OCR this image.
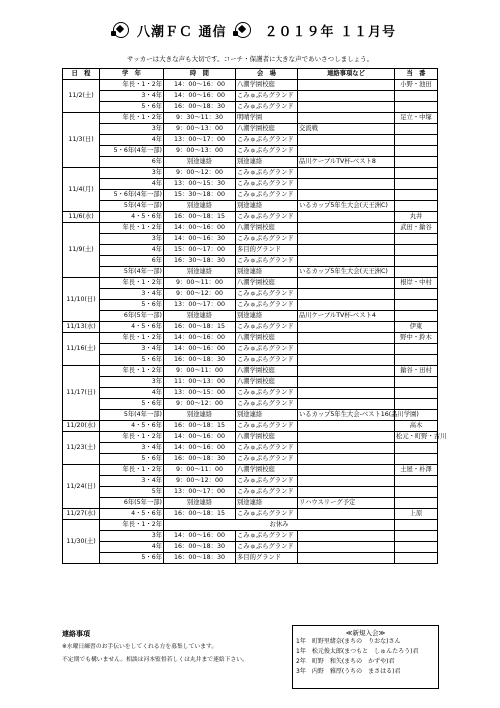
八潮ＦＣ 通信	２０１９年 １１月号
サッカーは大きな声も大切です。コーチ・保護者に大きな声であいさつしましょう。
日　程	学　年	時　間	会　場	連絡事項など	当　番
11/2(土)	年長・1・2年	14：00～16：00	八潮学園校庭		小野・池田
	3・4年	14：00～16：00	こみゅぷらグランド		
	5・6年	16：00～18：30	こみゅぷらグランド		
11/3(日)	年長・1・2年	9：30～11：30	明晴学園		足立・中塚
	3年	9：00～13：00	八潮学園校庭	交流戦	
	4年	13：00～17：00	こみゅぷらグランド		
	5・6年(4年一部)	9：00～13：00	こみゅぷらグランド		
	6年	別途連絡	別途連絡	品川ケーブルTV杯-ベスト8	
11/4(月)	3年	9：00～12：00	こみゅぷらグランド		
	4年	13：00～15：30	こみゅぷらグランド		
	5・6年(4年一部)	15：30～18：00	こみゅぷらグランド		
	5年(4年一部)	別途連絡	別途連絡	いるカップ5年生大会(天王洲C)	
11/6(水)	4・5・6年	16：00～18：15	こみゅぷらグランド		丸井
11/9(土)	年長・1・2年	14：00～16：00	八潮学園校庭		武田・鎗谷
	3年	14：00～16：30	こみゅぷらグランド		
	4年	15：00～17：00	多目的グランド		
	6年	16：30～18：30	こみゅぷらグランド		
	5年(4年一部)	別途連絡	別途連絡	いるカップ5年生大会(天王洲C)	
11/10(日)	年長・1・2年	9：00～11：00	八潮学園校庭		根岸・中村
	3・4年	9：00～12：00	こみゅぷらグランド		
	5・6年	13：00～17：00	こみゅぷらグランド		
	6年(5年一部)	別途連絡	別途連絡	品川ケーブルTV杯-ベスト4	
11/13(水)	4・5・6年	16：00～18：15	こみゅぷらグランド		伊東
11/16(土)	年長・1・2年	14：00～16：00	八潮学園校庭		野中・鈴木
	3・4年	14：00～16：00	こみゅぷらグランド		
	5・6年	16：00～18：30	こみゅぷらグランド		
11/17(日)	年長・1・2年	9：00～11：00	八潮学園校庭		鎗谷・田村
	3年	11：00～13：00	八潮学園校庭		
	4年	13：00～15：00	こみゅぷらグランド		
	5・6年	9：00～12：00	こみゅぷらグランド		
	5年(4年一部)	別途連絡	別途連絡	いるカップ5年生大会-ベスト16(品川学園)	
11/20(水)	4・5・6年	16：00～18：15	こみゅぷらグランド		高木
11/23(土)	年長・1・2年	14：00～16：00	八潮学園校庭		松元・町野・古川
	3・4年	14：00～16：00	こみゅぷらグランド		
	5・6年	16：00～18：30	こみゅぷらグランド		
11/24(日)	年長・1・2年	9：00～11：00	八潮学園校庭		土屋・朴澤
	3・4年	9：00～12：00	こみゅぷらグランド		
	5年	13：00～17：00	こみゅぷらグランド		
	6年(5年一部)	別途連絡	別途連絡	リハウスリーグ予定	
11/27(水)	4・5・6年	16：00～18：15	こみゅぷらグランド		上原
11/30(土)	年長・1・2年	お休み			
	3年	14：00～16：00	こみゅぷらグランド		
	4年	16：00～18：30	こみゅぷらグランド		
	5・6年	16：00～18：30	多目的グランド		
連絡事項
※水曜日練習のお手伝いをしてくれる方を募集しています。
不定期でも構いません。相談は河本監督若しくは丸井まで連絡下さい。
≪新規入会≫
1年　町野里緒奈(まちの　りおな)さん
1年　松元俊太郎(まつもと　しゅんたろう)君
2年　町野　和矢(まちの　かずや)君
3年　内野　雅厚(うちの　まさはる)君
